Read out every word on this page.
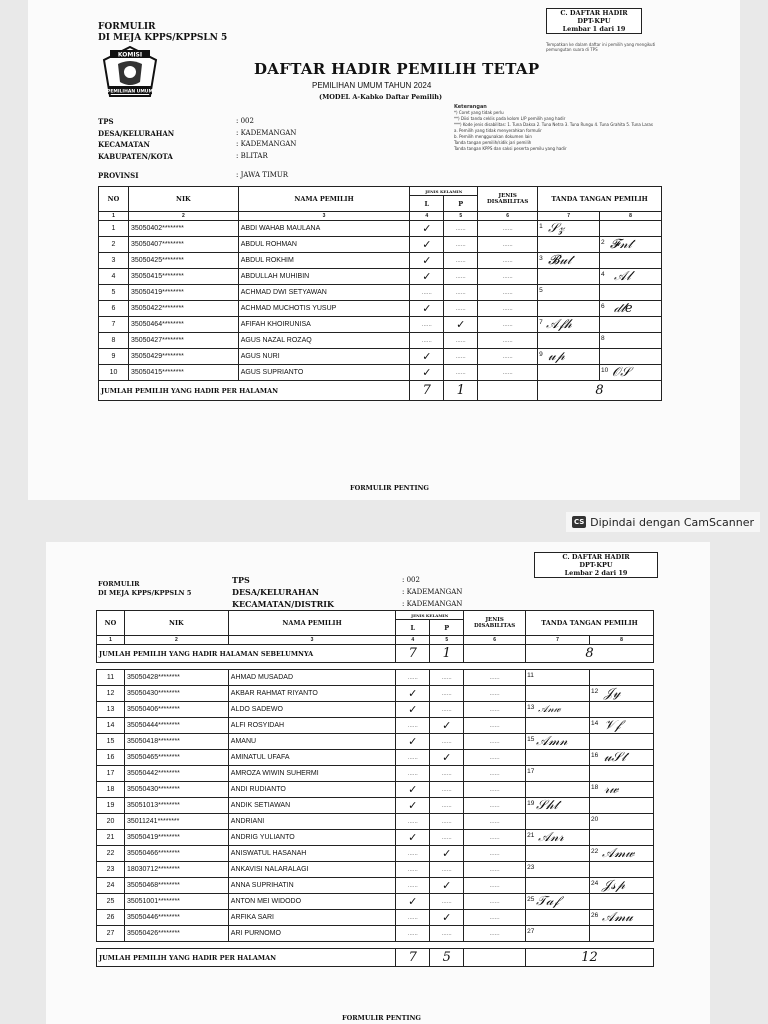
FORMULIR
DI MEJA KPPS/KPPSLN 5
KOMISI
PEMILIHAN UMUM
C. DAFTAR HADIR
DPT-KPU
Lembar 1 dari 19
Tempatkan ke dalam daftar ini pemilih yang mengikuti pemungutan suara di TPS
DAFTAR HADIR PEMILIH TETAP
PEMILIHAN UMUM TAHUN 2024
(MODEL A-Kabko Daftar Pemilih)
TPS
DESA/KELURAHAN
KECAMATAN
KABUPATEN/KOTA
PROVINSI
: 002
: KADEMANGAN
: KADEMANGAN
: BLITAR
: JAWA TIMUR
Keterangan
*) Coret yang tidak perlu
**) Diisi tanda ceklis pada kolom L/P pemilih yang hadir
***) Kode jenis disabilitas: 1. Tuna Daksa 2. Tuna Netra 3. Tuna Rungu 4. Tuna Grahita 5. Tuna Laras
a. Pemilih yang tidak menyerahkan formulir
b. Pemilih menggunakan dokumen lain
Tanda tangan pemilih/sidik jari pemilih
Tanda tangan KPPS dan saksi peserta pemilu yang hadir
NO	NIK	NAMA PEMILIH	JENIS KELAMIN		JENIS DISABILITAS	TANDA TANGAN PEMILIH	
			L	P			
1	2	3	4	5	6	7	8
1	35050402********	ABDI WAHAB MAULANA	✓	......	......	1 𝒮𝓏	
2	35050407********	ABDUL ROHMAN	✓	......	......		2 𝓕𝓃𝓉
3	35050425********	ABDUL ROKHIM	✓	......	......	3 𝓑𝓊𝓉	
4	35050415********	ABDULLAH MUHIBIN	✓	......	......		4 𝒜𝓁
5	35050419********	ACHMAD DWI SETYAWAN	......	......	......	5	

6	35050422********	ACHMAD MUCHOTIS YUSUP	✓	......	......		6 𝒹𝓁𝑒
7	35050464********	AFIFAH KHOIRUNISA	......	✓	......	7 𝒜𝒻𝒽	
8	35050427********	AGUS NAZAL ROZAQ	......	......	......		8

9	35050429********	AGUS NURI	✓	......	......	9 𝓊𝓅	
10	35050415********	AGUS SUPRIANTO	✓	......	......		10 𝒪𝒮
JUMLAH PEMILIH YANG HADIR PER HALAMAN			7	1		8	
FORMULIR PENTING
CS Dipindai dengan CamScanner
C. DAFTAR HADIR
DPT-KPU
Lembar 2 dari 19
FORMULIR
DI MEJA KPPS/KPPSLN 5
TPS
DESA/KELURAHAN
KECAMATAN/DISTRIK
: 002
: KADEMANGAN
: KADEMANGAN
NO	NIK	NAMA PEMILIH	JENIS KELAMIN		JENIS DISABILITAS	TANDA TANGAN PEMILIH	
			L	P			
1	2	3	4	5	6	7	8
JUMLAH PEMILIH YANG HADIR HALAMAN SEBELUMNYA			7	1		8	

11	35050428********	AHMAD MUSADAD	......	......	......	11	

12	35050430********	AKBAR RAHMAT RIYANTO	✓	......	......		12 𝒥𝓎
13	35050406********	ALDO SADEWO	✓	......	......	13 𝒜𝓃𝓌	
14	35050444********	ALFI ROSYIDAH	......	✓	......		14 𝒱𝒻
15	35050418********	AMANU	✓	......	......	15 𝒜𝓂𝓃	
16	35050465********	AMINATUL UFAFA	......	✓	......		16 𝓊𝒮𝓉
17	35050442********	AMROZA WIWIN SUHERMI	......	......	......	17	

18	35050430********	ANDI RUDIANTO	✓	......	......		18 𝓇𝓌
19	35051013********	ANDIK SETIAWAN	✓	......	......	19 𝒮𝒽𝓉	
20	35011241********	ANDRIANI	......	......	......		20

21	35050419********	ANDRIG YULIANTO	✓	......	......	21 𝒜𝓃𝓇	
22	35050466********	ANISWATUL HASANAH	......	✓	......		22 𝒜𝓂𝓌
23	18030712********	ANKAVISI NALARALAGI	......	......	......	23	

24	35050468********	ANNA SUPRIHATIN	......	✓	......		24 𝒥𝓈𝓅
25	35051001********	ANTON MEI WIDODO	✓	......	......	25 𝒯𝒶𝒻	
26	35050446********	ARFIKA SARI	......	✓	......		26 𝒜𝓂𝓊
27	35050426********	ARI PURNOMO	......	......	......	27	

JUMLAH PEMILIH YANG HADIR PER HALAMAN			7	5		12	
FORMULIR PENTING
